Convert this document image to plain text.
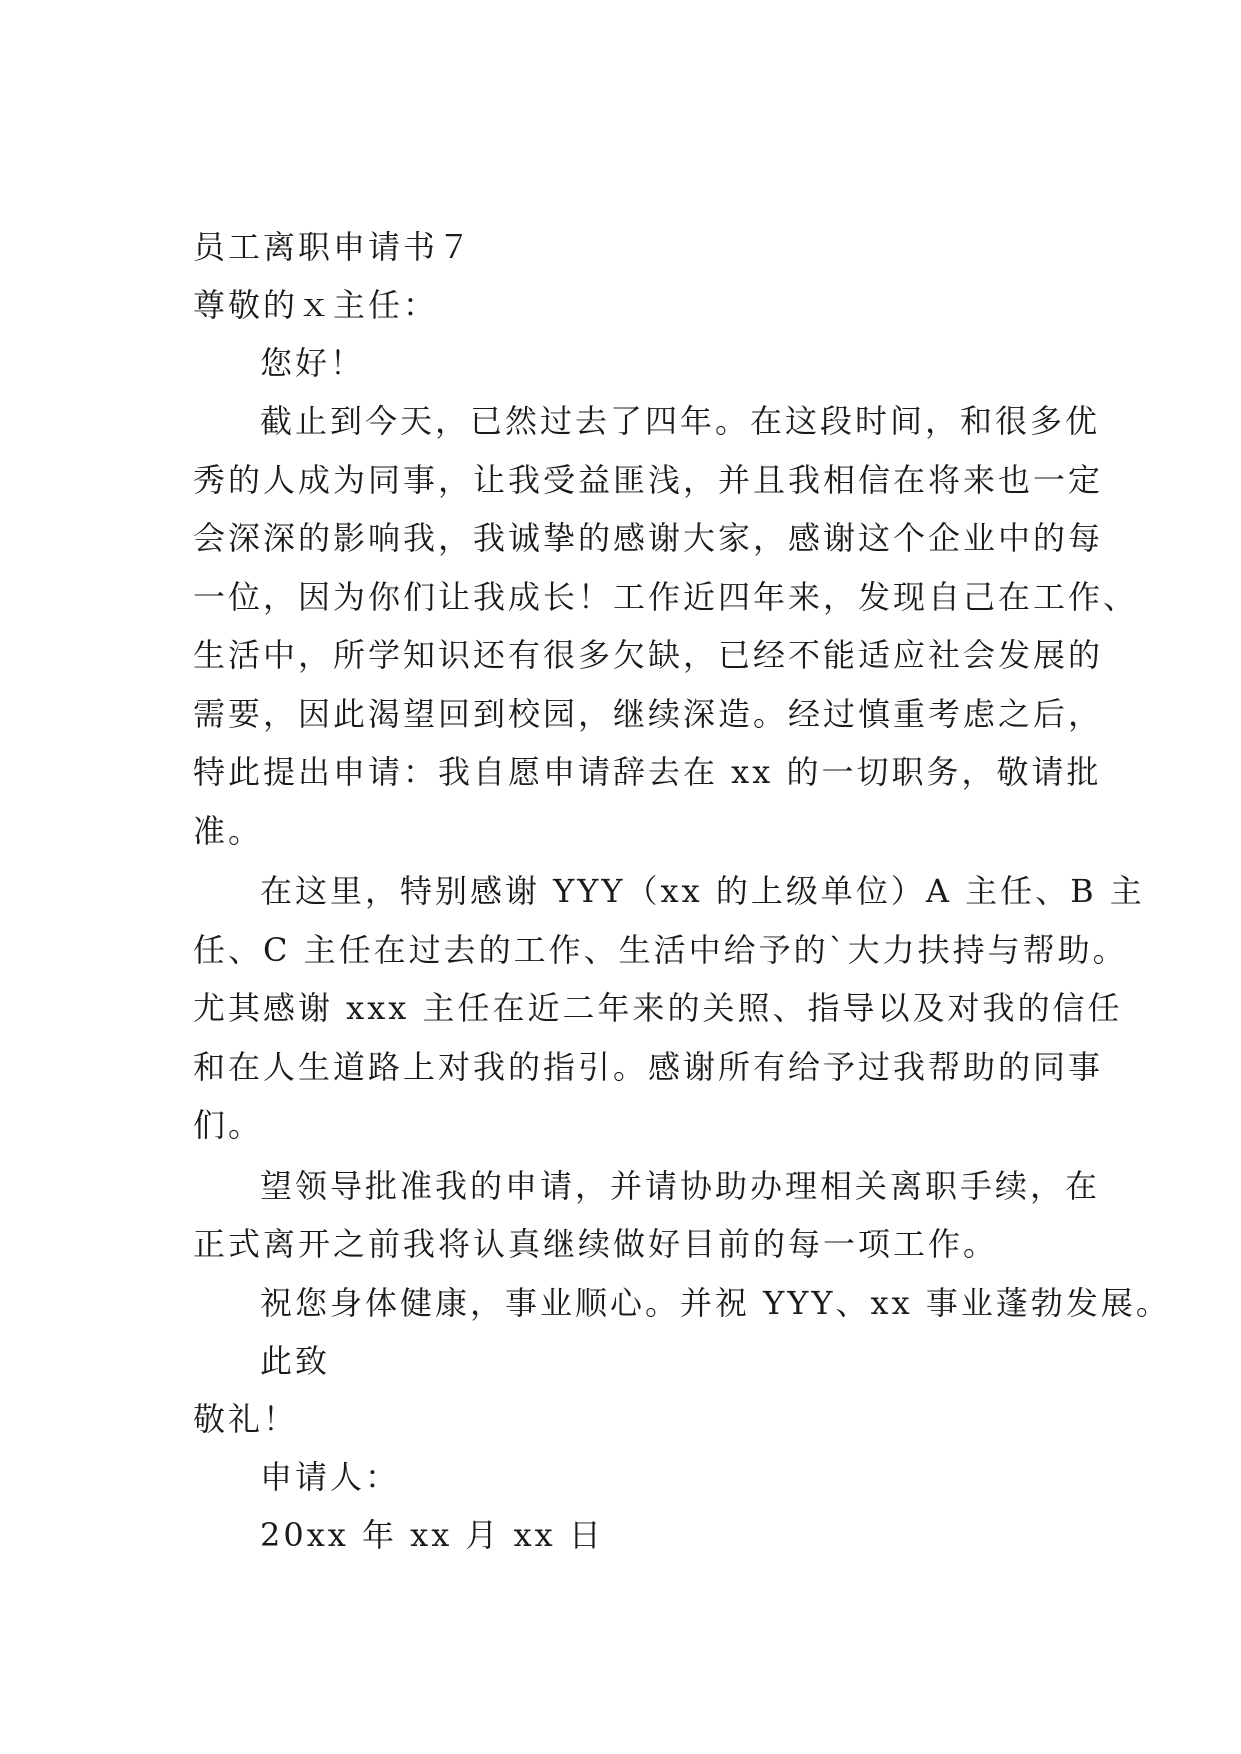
员工离职申请书７
尊敬的ｘ主任：
您好！
截止到今天，已然过去了四年。在这段时间，和很多优
秀的人成为同事，让我受益匪浅，并且我相信在将来也一定
会深深的影响我，我诚挚的感谢大家，感谢这个企业中的每
一位，因为你们让我成长！工作近四年来，发现自己在工作、
生活中，所学知识还有很多欠缺，已经不能适应社会发展的
需要，因此渴望回到校园，继续深造。经过慎重考虑之后，
特此提出申请：我自愿申请辞去在 xx 的一切职务，敬请批
准。
在这里，特别感谢 YYY（xx 的上级单位）A 主任、B 主
任、C 主任在过去的工作、生活中给予的`大力扶持与帮助。
尤其感谢 xxx 主任在近二年来的关照、指导以及对我的信任
和在人生道路上对我的指引。感谢所有给予过我帮助的同事
们。
望领导批准我的申请，并请协助办理相关离职手续，在
正式离开之前我将认真继续做好目前的每一项工作。
祝您身体健康，事业顺心。并祝 YYY、xx 事业蓬勃发展。
此致
敬礼！
申请人：
20xx 年 xx 月 xx 日
